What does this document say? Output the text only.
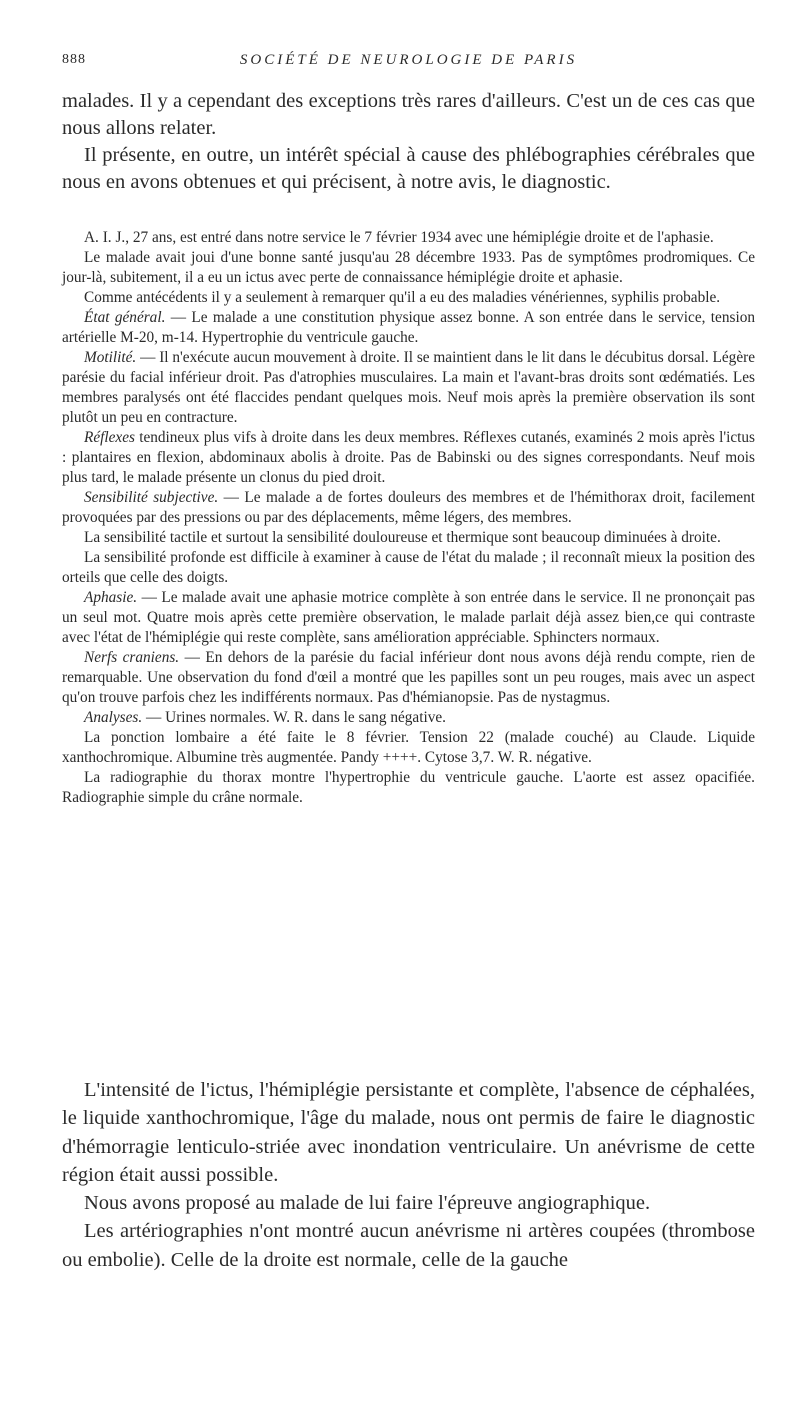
888	SOCIÉTÉ DE NEUROLOGIE DE PARIS

malades. Il y a cependant des exceptions très rares d'ailleurs. C'est un de ces cas que nous allons relater.

Il présente, en outre, un intérêt spécial à cause des phlébographies cérébrales que nous en avons obtenues et qui précisent, à notre avis, le diagnostic.

A. I. J., 27 ans, est entré dans notre service le 7 février 1934 avec une hémiplégie droite et de l'aphasie.

Le malade avait joui d'une bonne santé jusqu'au 28 décembre 1933. Pas de symptômes prodromiques. Ce jour-là, subitement, il a eu un ictus avec perte de connaissance hémiplégie droite et aphasie.

Comme antécédents il y a seulement à remarquer qu'il a eu des maladies vénériennes, syphilis probable.

État général. — Le malade a une constitution physique assez bonne. A son entrée dans le service, tension artérielle M-20, m-14. Hypertrophie du ventricule gauche.

Motilité. — Il n'exécute aucun mouvement à droite. Il se maintient dans le lit dans le décubitus dorsal. Légère parésie du facial inférieur droit. Pas d'atrophies musculaires. La main et l'avant-bras droits sont œdématiés. Les membres paralysés ont été flaccides pendant quelques mois. Neuf mois après la première observation ils sont plutôt un peu en contracture.

Réflexes tendineux plus vifs à droite dans les deux membres. Réflexes cutanés, examinés 2 mois après l'ictus : plantaires en flexion, abdominaux abolis à droite. Pas de Babinski ou des signes correspondants. Neuf mois plus tard, le malade présente un clonus du pied droit.

Sensibilité subjective. — Le malade a de fortes douleurs des membres et de l'hémithorax droit, facilement provoquées par des pressions ou par des déplacements, même légers, des membres.

La sensibilité tactile et surtout la sensibilité douloureuse et thermique sont beaucoup diminuées à droite.

La sensibilité profonde est difficile à examiner à cause de l'état du malade ; il reconnaît mieux la position des orteils que celle des doigts.

Aphasie. — Le malade avait une aphasie motrice complète à son entrée dans le service. Il ne prononçait pas un seul mot. Quatre mois après cette première observation, le malade parlait déjà assez bien,ce qui contraste avec l'état de l'hémiplégie qui reste complète, sans amélioration appréciable. Sphincters normaux.

Nerfs craniens. — En dehors de la parésie du facial inférieur dont nous avons déjà rendu compte, rien de remarquable. Une observation du fond d'œil a montré que les papilles sont un peu rouges, mais avec un aspect qu'on trouve parfois chez les indifférents normaux. Pas d'hémianopsie. Pas de nystagmus.

Analyses. — Urines normales. W. R. dans le sang négative.

La ponction lombaire a été faite le 8 février. Tension 22 (malade couché) au Claude. Liquide xanthochromique. Albumine très augmentée. Pandy ++++. Cytose 3,7. W. R. négative.

La radiographie du thorax montre l'hypertrophie du ventricule gauche. L'aorte est assez opacifiée. Radiographie simple du crâne normale.

L'intensité de l'ictus, l'hémiplégie persistante et complète, l'absence de céphalées, le liquide xanthochromique, l'âge du malade, nous ont permis de faire le diagnostic d'hémorragie lenticulo-striée avec inondation ventriculaire. Un anévrisme de cette région était aussi possible.

Nous avons proposé au malade de lui faire l'épreuve angiographique.

Les artériographies n'ont montré aucun anévrisme ni artères coupées (thrombose ou embolie). Celle de la droite est normale, celle de la gauche
